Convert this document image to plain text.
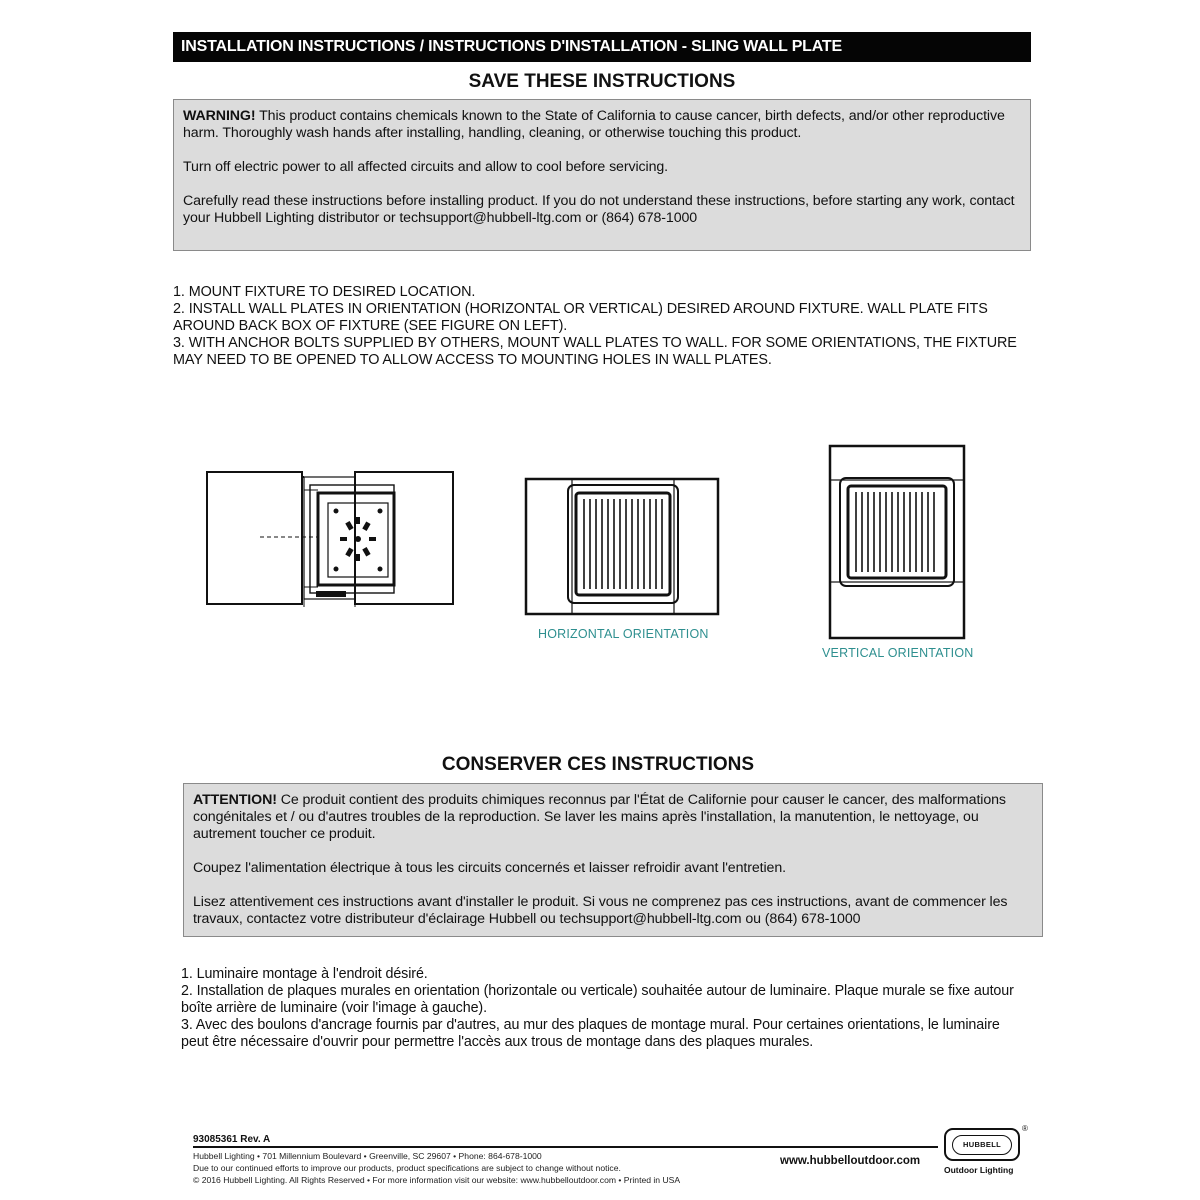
INSTALLATION INSTRUCTIONS / INSTRUCTIONS D'INSTALLATION - SLING WALL PLATE
SAVE THESE INSTRUCTIONS

WARNING! This product contains chemicals known to the State of California to cause cancer, birth defects, and/or other reproductive harm. Thoroughly wash hands after installing, handling, cleaning, or otherwise touching this product.

Turn off electric power to all affected circuits and allow to cool before servicing.

Carefully read these instructions before installing product. If you do not understand these instructions, before starting any work, contact your Hubbell Lighting distributor or techsupport@hubbell-ltg.com or (864) 678-1000

1. MOUNT FIXTURE TO DESIRED LOCATION.
2. INSTALL WALL PLATES IN ORIENTATION (HORIZONTAL OR VERTICAL) DESIRED AROUND FIXTURE. WALL PLATE FITS AROUND BACK BOX OF FIXTURE (SEE FIGURE ON LEFT).
3. WITH ANCHOR BOLTS SUPPLIED BY OTHERS, MOUNT WALL PLATES TO WALL. FOR SOME ORIENTATIONS, THE FIXTURE MAY NEED TO BE OPENED TO ALLOW ACCESS TO MOUNTING HOLES IN WALL PLATES.
HORIZONTAL ORIENTATION
VERTICAL ORIENTATION
CONSERVER CES INSTRUCTIONS

ATTENTION! Ce produit contient des produits chimiques reconnus par l'État de Californie pour causer le cancer, des malformations congénitales et / ou d'autres troubles de la reproduction. Se laver les mains après l'installation, la manutention, le nettoyage, ou autrement toucher ce produit.

Coupez l'alimentation électrique à tous les circuits concernés et laisser refroidir avant l'entretien.

Lisez attentivement ces instructions avant d'installer le produit. Si vous ne comprenez pas ces instructions, avant de commencer les travaux, contactez votre distributeur d'éclairage Hubbell ou techsupport@hubbell-ltg.com ou (864) 678-1000

1. Luminaire montage à l'endroit désiré.
2. Installation de plaques murales en orientation (horizontale ou verticale) souhaitée autour de luminaire. Plaque murale se fixe autour boîte arrière de luminaire (voir l'image à gauche).
3. Avec des boulons d'ancrage fournis par d'autres, au mur des plaques de montage mural. Pour certaines orientations, le luminaire peut être nécessaire d'ouvrir pour permettre l'accès aux trous de montage dans des plaques murales.
93085361 Rev. A
Hubbell Lighting • 701 Millennium Boulevard • Greenville, SC 29607 • Phone: 864-678-1000
Due to our continued efforts to improve our products, product specifications are subject to change without notice.
© 2016 Hubbell Lighting. All Rights Reserved • For more information visit our website: www.hubbelloutdoor.com • Printed in USA
www.hubbelloutdoor.com
HUBBELL
®
Outdoor Lighting
